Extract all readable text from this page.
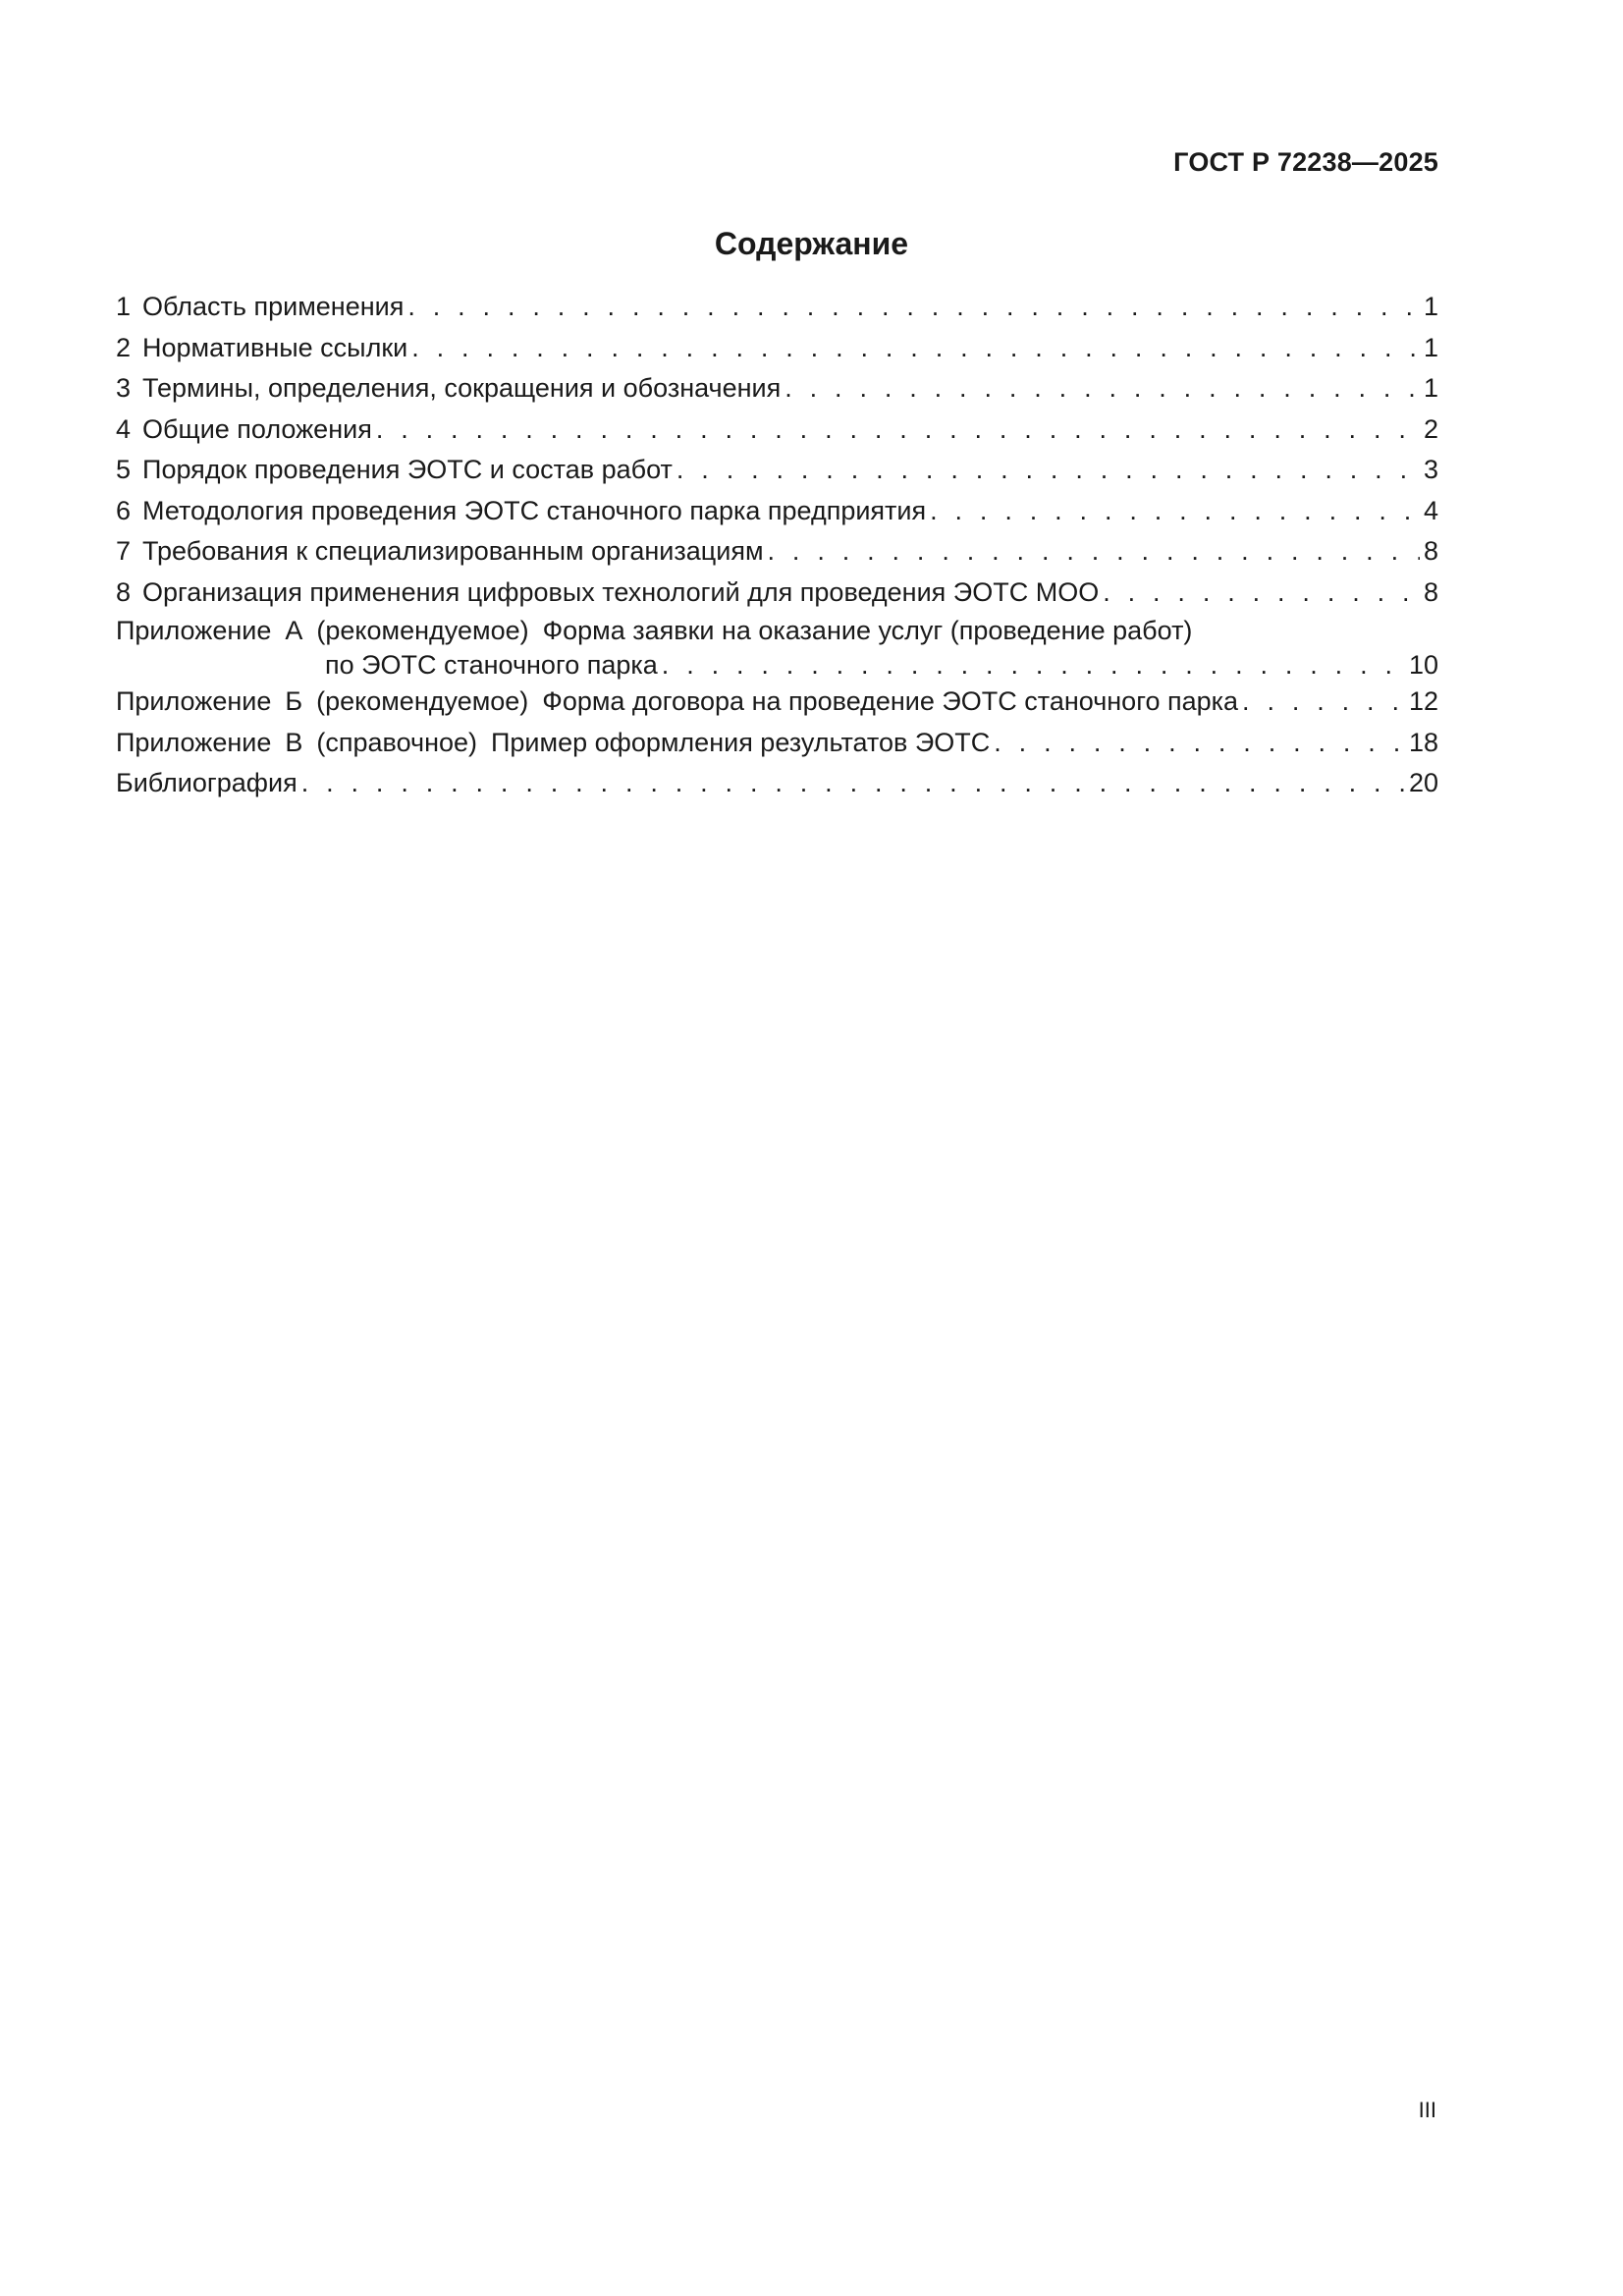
ГОСТ Р 72238—2025
Содержание
1 Область применения . . .	1
2 Нормативные ссылки . . .	1
3 Термины, определения, сокращения и обозначения . . .	1
4 Общие положения . . .	2
5 Порядок проведения ЭОТС и состав работ . . .	3
6 Методология проведения ЭОТС станочного парка предприятия . . .	4
7 Требования к специализированным организациям . . .	8
8 Организация применения цифровых технологий для проведения ЭОТС МОО . . .	8
Приложение А (рекомендуемое) Форма заявки на оказание услуг (проведение работ)
по ЭОТС станочного парка . . .	10
Приложение Б (рекомендуемое) Форма договора на проведение ЭОТС станочного парка . . .	12
Приложение В (справочное) Пример оформления результатов ЭОТС . . .	18
Библиография . . .	20
III
